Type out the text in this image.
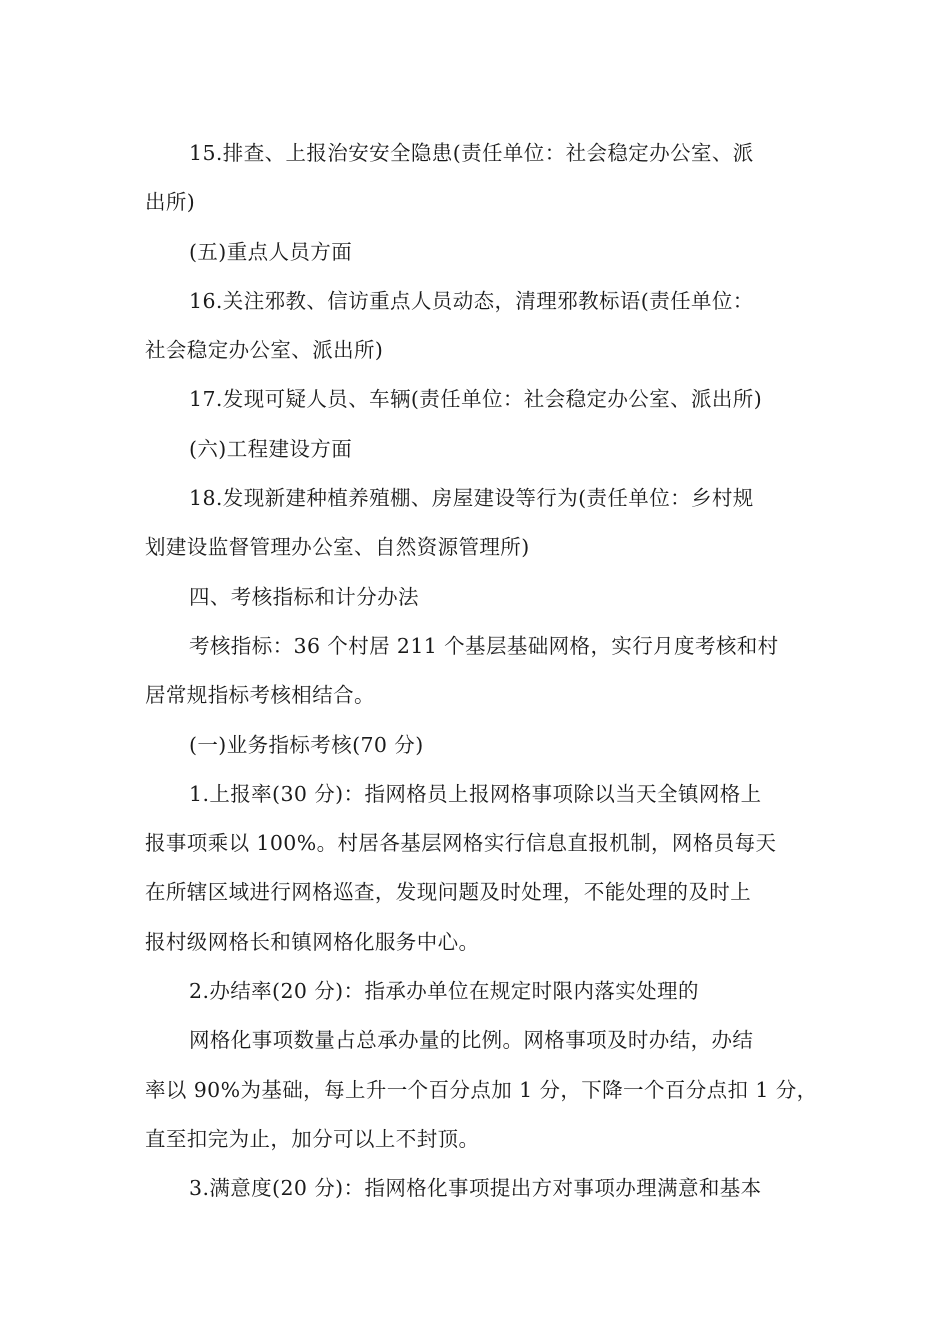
15.排查、上报治安安全隐患(责任单位：社会稳定办公室、派
出所)
(五)重点人员方面
16.关注邪教、信访重点人员动态，清理邪教标语(责任单位：
社会稳定办公室、派出所)
17.发现可疑人员、车辆(责任单位：社会稳定办公室、派出所)
(六)工程建设方面
18.发现新建种植养殖棚、房屋建设等行为(责任单位：乡村规
划建设监督管理办公室、自然资源管理所)
四、考核指标和计分办法
考核指标：36 个村居 211 个基层基础网格，实行月度考核和村
居常规指标考核相结合。
(一)业务指标考核(70 分)
1.上报率(30 分)：指网格员上报网格事项除以当天全镇网格上
报事项乘以 100%。村居各基层网格实行信息直报机制，网格员每天
在所辖区域进行网格巡查，发现问题及时处理，不能处理的及时上
报村级网格长和镇网格化服务中心。
2.办结率(20 分)：指承办单位在规定时限内落实处理的
网格化事项数量占总承办量的比例。网格事项及时办结，办结
率以 90%为基础，每上升一个百分点加 1 分，下降一个百分点扣 1 分，
直至扣完为止，加分可以上不封顶。
3.满意度(20 分)：指网格化事项提出方对事项办理满意和基本
